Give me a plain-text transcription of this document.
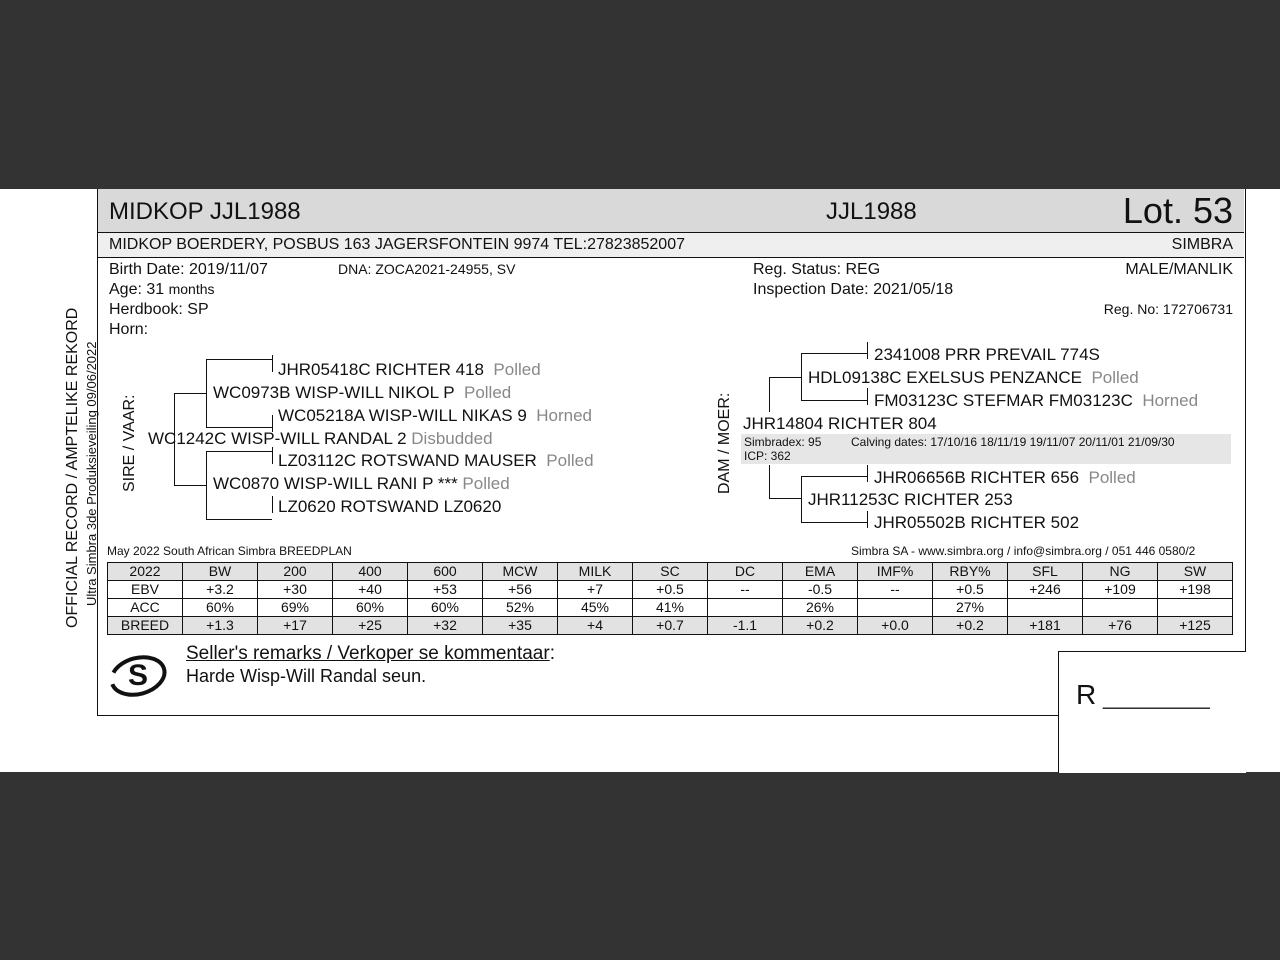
MIDKOP JJL1988	JJL1988	Lot. 53
MIDKOP BOERDERY, POSBUS 163 JAGERSFONTEIN 9974 TEL:27823852007	SIMBRA
OFFICIAL RECORD / AMPTELIKE REKORD Ultra Simbra 3de Produksieveiling 09/06/2022
Birth Date: 2019/11/07	DNA: ZOCA2021-24955, SV
Age: 31 months
Herdbook: SP
Horn:
Reg. Status: REG
Inspection Date: 2021/05/18
MALE/MANLIK
Reg. No: 172706731
SIRE / VAAR:
JHR05418C RICHTER 418 Polled
WC0973B WISP-WILL NIKOL P Polled
WC05218A WISP-WILL NIKAS 9 Horned
WC1242C WISP-WILL RANDAL 2 Disbudded
LZ03112C ROTSWAND MAUSER Polled
WC0870 WISP-WILL RANI P *** Polled
LZ0620 ROTSWAND LZ0620
DAM / MOER:
2341008 PRR PREVAIL 774S
HDL09138C EXELSUS PENZANCE Polled
FM03123C STEFMAR FM03123C Horned
JHR14804 RICHTER 804
Simbradex: 95 Calving dates: 17/10/16 18/11/19 19/11/07 20/11/01 21/09/30
ICP: 362
JHR06656B RICHTER 656 Polled
JHR11253C RICHTER 253
JHR05502B RICHTER 502
May 2022 South African Simbra BREEDPLAN	Simbra SA - www.simbra.org / info@simbra.org / 051 446 0580/2
2022	BW	200	400	600	MCW	MILK	SC	DC	EMA	IMF%	RBY%	SFL	NG	SW
EBV	+3.2	+30	+40	+53	+56	+7	+0.5	--	-0.5	--	+0.5	+246	+109	+198
ACC	60%	69%	60%	60%	52%	45%	41%		26%		27%			
BREED	+1.3	+17	+25	+32	+35	+4	+0.7	-1.1	+0.2	+0.0	+0.2	+181	+76	+125
S
Seller's remarks / Verkoper se kommentaar:
Harde Wisp-Will Randal seun.
R ________
